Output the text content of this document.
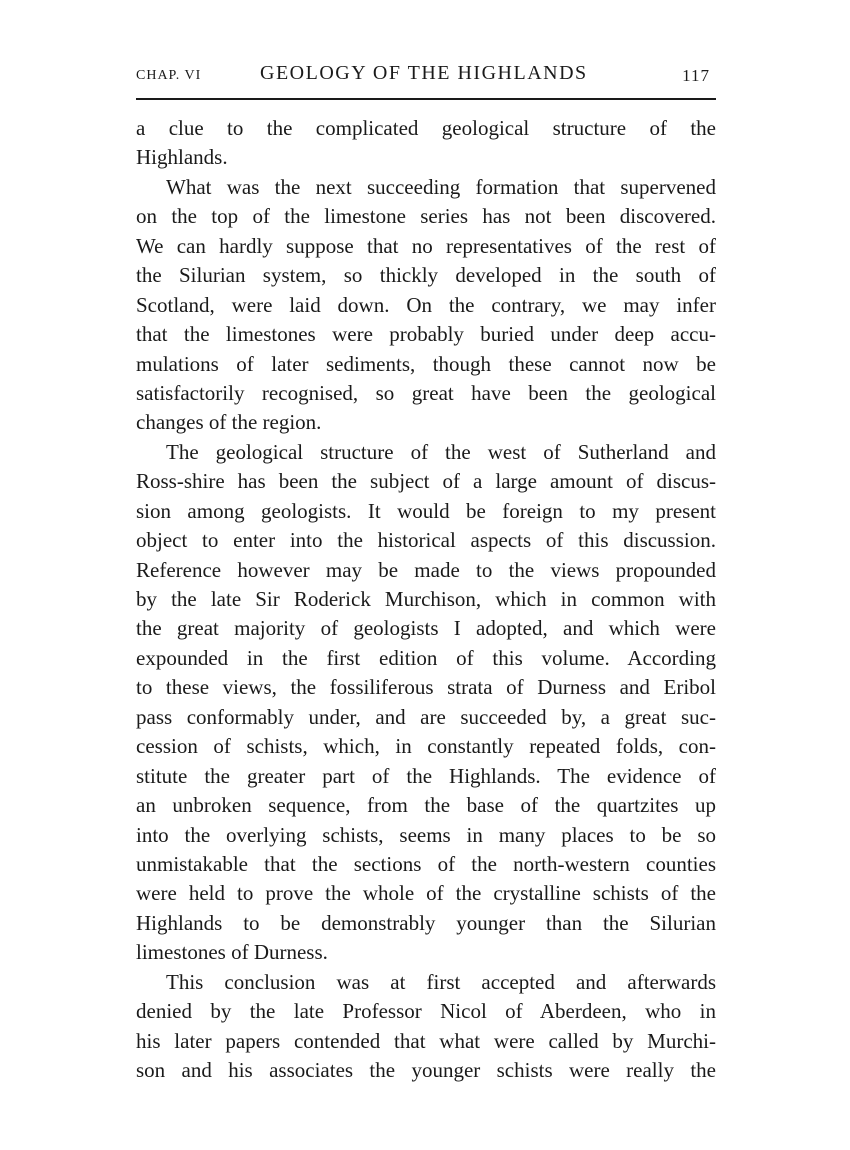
CHAP. VI	GEOLOGY OF THE HIGHLANDS	117
a clue to the complicated geological structure of the
Highlands.
What was the next succeeding formation that supervened
on the top of the limestone series has not been discovered.
We can hardly suppose that no representatives of the rest of
the Silurian system, so thickly developed in the south of
Scotland, were laid down. On the contrary, we may infer
that the limestones were probably buried under deep accu-
mulations of later sediments, though these cannot now be
satisfactorily recognised, so great have been the geological
changes of the region.
The geological structure of the west of Sutherland and
Ross-shire has been the subject of a large amount of discus-
sion among geologists. It would be foreign to my present
object to enter into the historical aspects of this discussion.
Reference however may be made to the views propounded
by the late Sir Roderick Murchison, which in common with
the great majority of geologists I adopted, and which were
expounded in the first edition of this volume. According
to these views, the fossiliferous strata of Durness and Eribol
pass conformably under, and are succeeded by, a great suc-
cession of schists, which, in constantly repeated folds, con-
stitute the greater part of the Highlands. The evidence of
an unbroken sequence, from the base of the quartzites up
into the overlying schists, seems in many places to be so
unmistakable that the sections of the north-western counties
were held to prove the whole of the crystalline schists of the
Highlands to be demonstrably younger than the Silurian
limestones of Durness.
This conclusion was at first accepted and afterwards
denied by the late Professor Nicol of Aberdeen, who in
his later papers contended that what were called by Murchi-
son and his associates the younger schists were really the
